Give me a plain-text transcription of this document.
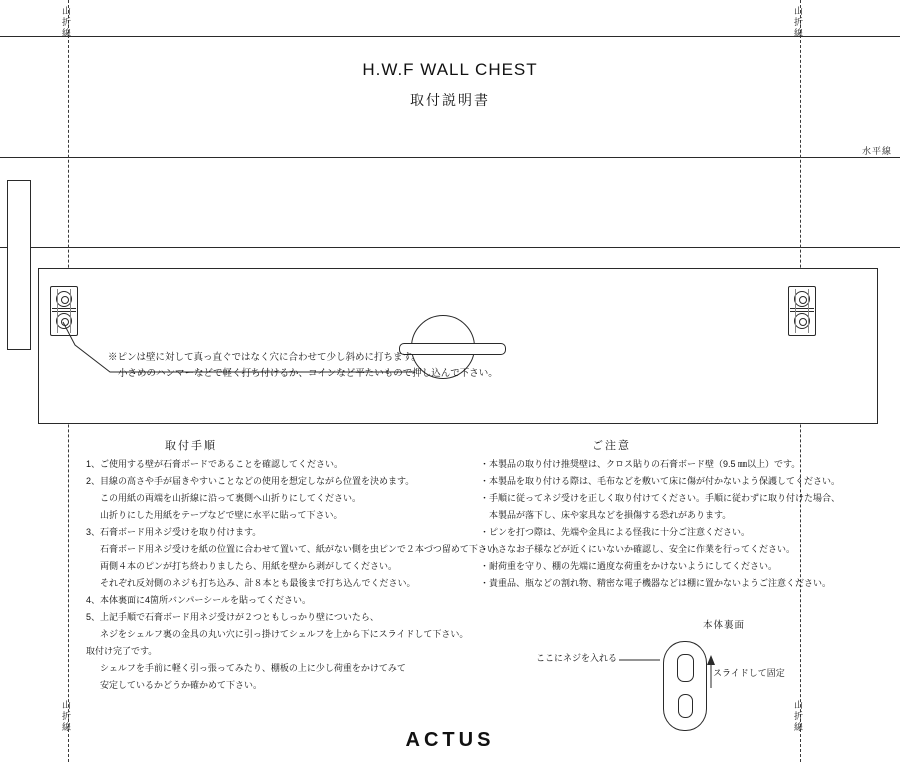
水平線
山折線
山折線
山折線
山折線
H.W.F WALL CHEST
取付説明書
※ピンは壁に対して真っ直ぐではなく穴に合わせて少し斜めに打ちます。
小さめのハンマーなどで軽く打ち付けるか、コインなど平たいもので押し込んで下さい。
取付手順	ご注意
1、ご使用する壁が石膏ボードであることを確認してください。
2、目線の高さや手が届きやすいことなどの使用を想定しながら位置を決めます。
この用紙の両端を山折線に沿って裏側へ山折りにしてください。
山折りにした用紙をテープなどで壁に水平に貼って下さい。
3、石膏ボード用ネジ受けを取り付けます。
石膏ボード用ネジ受けを紙の位置に合わせて置いて、紙がない側を虫ピンで２本づつ留めて下さい。
両側４本のピンが打ち終わりましたら、用紙を壁から剥がしてください。
それぞれ反対側のネジも打ち込み、計８本とも最後まで打ち込んでください。
4、本体裏面に4箇所バンパーシールを貼ってください。
5、上記手順で石膏ボード用ネジ受けが２つともしっかり壁についたら、
ネジをシェルフ裏の金具の丸い穴に引っ掛けてシェルフを上から下にスライドして下さい。
取付け完了です。
シェルフを手前に軽く引っ張ってみたり、棚板の上に少し荷重をかけてみて
安定しているかどうか確かめて下さい。
・本製品の取り付け推奨壁は、クロス貼りの石膏ボード壁（9.5 ㎜以上）です。
・本製品を取り付ける際は、毛布などを敷いて床に傷が付かないよう保護してください。
・手順に従ってネジ受けを正しく取り付けてください。手順に従わずに取り付けた場合、
　本製品が落下し、床や家具などを損傷する恐れがあります。
・ピンを打つ際は、先端や金具による怪我に十分ご注意ください。
・小さなお子様などが近くにいないか確認し、安全に作業を行ってください。
・耐荷重を守り、棚の先端に過度な荷重をかけないようにしてください。
・貴重品、瓶などの割れ物、精密な電子機器などは棚に置かないようご注意ください。
本体裏面
ここにネジを入れる
スライドして固定
ACTUS
